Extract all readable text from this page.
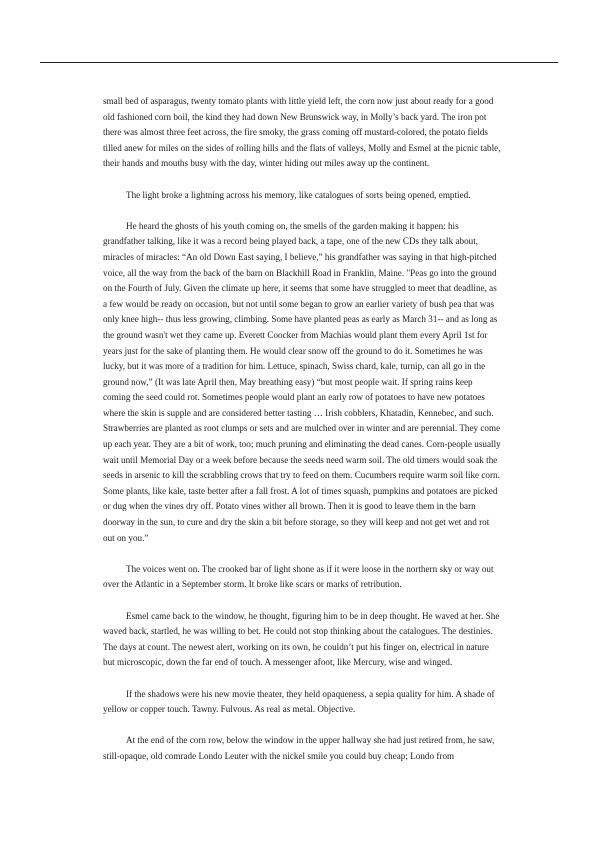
small bed of asparagus, twenty tomato plants with little yield left, the corn now just about ready for a good old fashioned corn boil, the kind they had down New Brunswick way, in Molly’s back yard. The iron pot there was almost three feet across, the fire smoky, the grass coming off mustard-colored, the potato fields tilled anew for miles on the sides of rolling hills and the flats of valleys, Molly and Esmel at the picnic table, their hands and mouths busy with the day, winter hiding out miles away up the continent.

The light broke a lightning across his memory, like catalogues of sorts being opened, emptied.

He heard the ghosts of his youth coming on, the smells of the garden making it happen: his grandfather talking, like it was a record being played back, a tape, one of the new CDs they talk about, miracles of miracles: “An old Down East saying, I believe,” his grandfather was saying in that high-pitched voice, all the way from the back of the barn on Blackhill Road in Franklin, Maine. "Peas go into the ground on the Fourth of July. Given the climate up here, it seems that some have struggled to meet that deadline, as a few would be ready on occasion, but not until some began to grow an earlier variety of bush pea that was only knee high-- thus less growing, climbing. Some have planted peas as early as March 31-- and as long as the ground wasn't wet they came up. Everett Coocker from Machias would plant them every April 1st for years just for the sake of planting them. He would clear snow off the ground to do it. Sometimes he was lucky, but it was more of a tradition for him. Lettuce, spinach, Swiss chard, kale, turnip, can all go in the ground now,” (It was late April then, May breathing easy) “but most people wait. If spring rains keep coming the seed could rot. Sometimes people would plant an early row of potatoes to have new potatoes where the skin is supple and are considered better tasting … Irish cobblers, Khatadin, Kennebec, and such. Strawberries are planted as root clumps or sets and are mulched over in winter and are perennial. They come up each year. They are a bit of work, too; much pruning and eliminating the dead canes. Corn-people usually wait until Memorial Day or a week before because the seeds need warm soil. The old timers would soak the seeds in arsenic to kill the scrabbling crows that try to feed on them. Cucumbers require warm soil like corn. Some plants, like kale, taste better after a fall frost. A lot of times squash, pumpkins and potatoes are picked or dug when the vines dry off. Potato vines wither all brown. Then it is good to leave them in the barn doorway in the sun, to cure and dry the skin a bit before storage, so they will keep and not get wet and rot out on you.”

The voices went on. The crooked bar of light shone as if it were loose in the northern sky or way out over the Atlantic in a September storm. It broke like scars or marks of retribution.

Esmel came back to the window, he thought, figuring him to be in deep thought. He waved at her. She waved back, startled, he was willing to bet. He could not stop thinking about the catalogues. The destinies. The days at count. The newest alert, working on its own, he couldn’t put his finger on, electrical in nature but microscopic, down the far end of touch. A messenger afoot, like Mercury, wise and winged.

If the shadows were his new movie theater, they held opaqueness, a sepia quality for him. A shade of yellow or copper touch. Tawny. Fulvous. As real as metal. Objective.

At the end of the corn row, below the window in the upper hallway she had just retired from, he saw, still-opaque, old comrade Londo Leuter with the nickel smile you could buy cheap; Londo from
